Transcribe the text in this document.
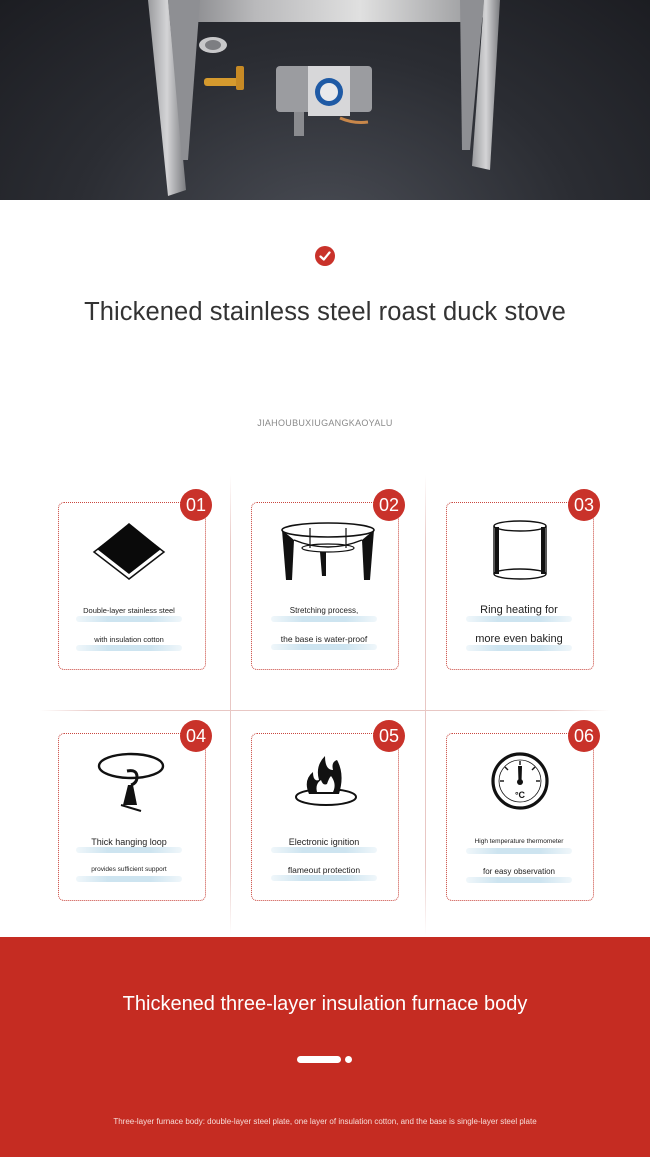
Thickened stainless steel roast duck stove
JIAHOUBUXIUGANGKAOYALU
01
Double-layer stainless steel
with insulation cotton
02
Stretching process,
the base is water-proof
03
Ring heating for
more even baking
04
Thick hanging loop
provides sufficient support
05
Electronic ignition
flameout protection
06
°C
High temperature thermometer
for easy observation
Thickened three-layer insulation furnace body
Three-layer furnace body: double-layer steel plate, one layer of insulation cotton, and the base is single-layer steel plate
